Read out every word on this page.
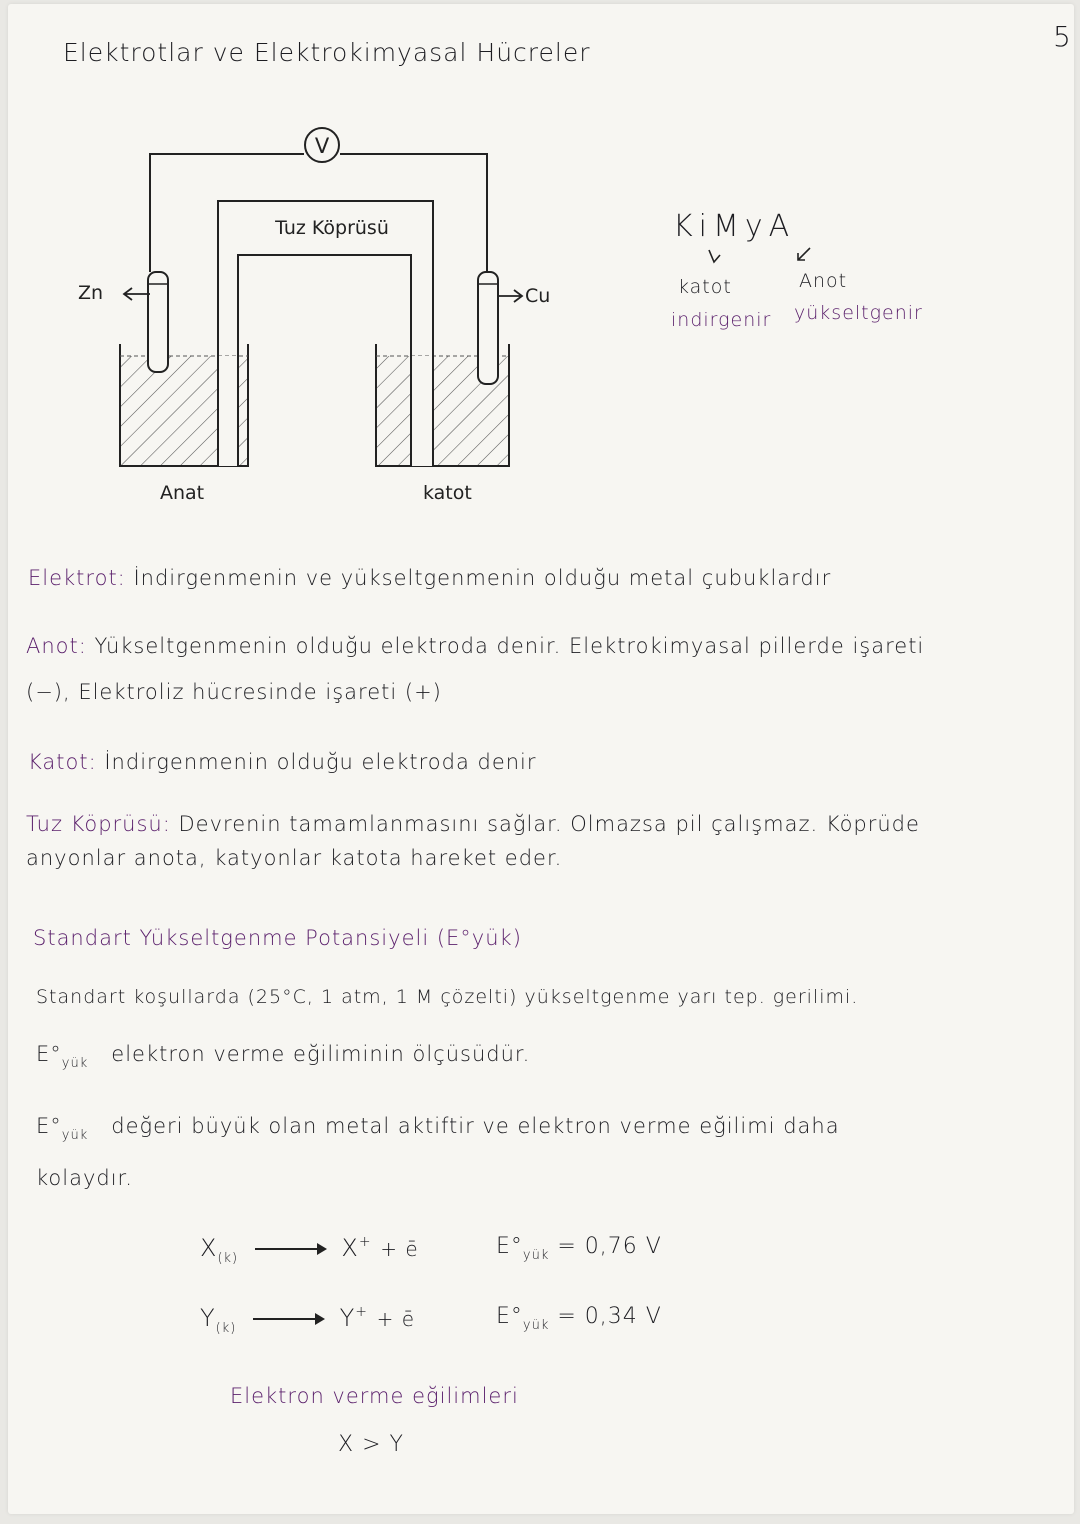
Elektrotlar ve Elektrokimyasal Hücreler	5
V
Tuz Köprüsü
Zn	Cu
Anat	katot
KiMyA
katot	Anot
indirgenir yükseltgenir
Elektrot: İndirgenmenin ve yükseltgenmenin olduğu metal çubuklardır
Anot: Yükseltgenmenin olduğu elektroda denir. Elektrokimyasal pillerde işareti
(−), Elektroliz hücresinde işareti (+)
Katot: İndirgenmenin olduğu elektroda denir
Tuz Köprüsü: Devrenin tamamlanmasını sağlar. Olmazsa pil çalışmaz. Köprüde
anyonlar anota, katyonlar katota hareket eder.
Standart Yükseltgenme Potansiyeli (E°yük)
Standart koşullarda (25°C, 1 atm, 1 M çözelti) yükseltgenme yarı tep. gerilimi.
$E^\circ_{yük}$ elektron verme eğiliminin ölçüsüdür.
$E^\circ_{yük}$ değeri büyük olan metal aktiftir ve elektron verme eğilimi daha
kolaydır.
$X_{(k)}$	X+ + ē	$E^\circ_{yük} = 0,76$ V
$Y_{(k)}$	Y+ + ē	$E^\circ_{yük} = 0,34$ V
Elektron verme eğilimleri
X > Y
